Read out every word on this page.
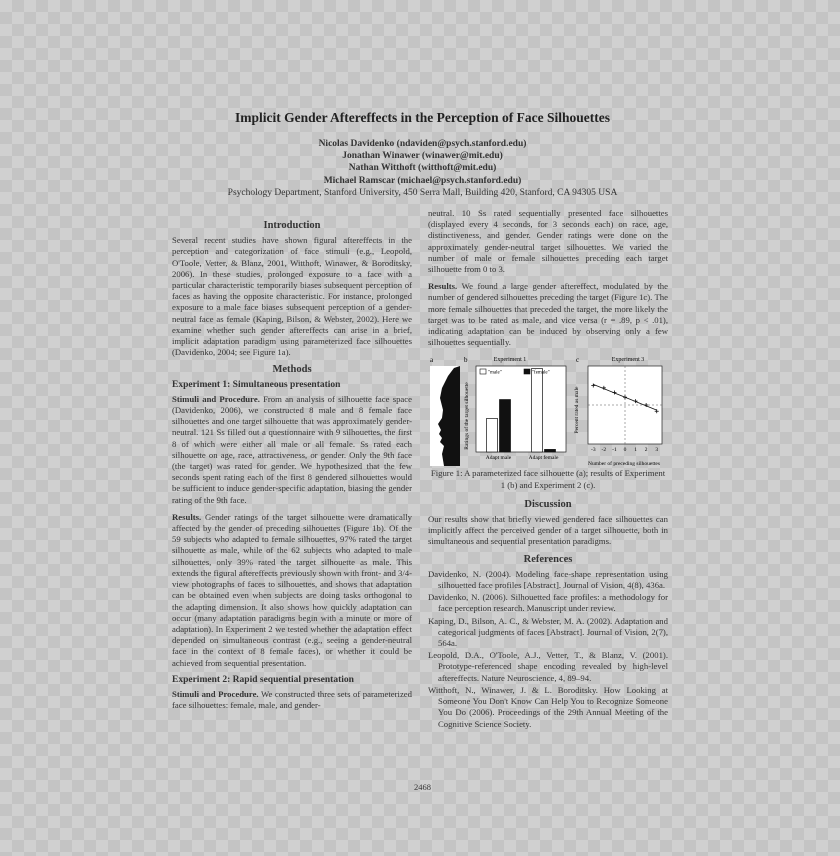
Implicit Gender Aftereffects in the Perception of Face Silhouettes
Nicolas Davidenko (ndaviden@psych.stanford.edu)
Jonathan Winawer (winawer@mit.edu)
Nathan Witthoft (witthoft@mit.edu)
Michael Ramscar (michael@psych.stanford.edu)
Psychology Department, Stanford University, 450 Serra Mall, Building 420, Stanford, CA 94305 USA
Introduction

Several recent studies have shown figural aftereffects in the perception and categorization of face stimuli (e.g., Leopold, O'Toole, Vetter, & Blanz, 2001, Witthoft, Winawer, & Boroditsky, 2006). In these studies, prolonged exposure to a face with a particular characteristic temporarily biases subsequent perception of faces as having the opposite characteristic. For instance, prolonged exposure to a male face biases subsequent perception of a gender-neutral face as female (Kaping, Bilson, & Webster, 2002). Here we examine whether such gender aftereffects can arise in a brief, implicit adaptation paradigm using parameterized face silhouettes (Davidenko, 2004; see Figure 1a).

Methods
Experiment 1: Simultaneous presentation

Stimuli and Procedure. From an analysis of silhouette face space (Davidenko, 2006), we constructed 8 male and 8 female face silhouettes and one target silhouette that was approximately gender-neutral. 121 Ss filled out a questionnaire with 9 silhouettes, the first 8 of which were either all male or all female. Ss rated each silhouette on age, race, attractiveness, or gender. Only the 9th face (the target) was rated for gender. We hypothesized that the few seconds spent rating each of the first 8 gendered silhouettes would be sufficient to induce gender-specific adaptation, biasing the gender rating of the 9th face.

Results. Gender ratings of the target silhouette were dramatically affected by the gender of preceding silhouettes (Figure 1b). Of the 59 subjects who adapted to female silhouettes, 97% rated the target silhouette as male, while of the 62 subjects who adapted to male silhouettes, only 39% rated the target silhouette as male. This extends the figural aftereffects previously shown with front- and 3/4-view photographs of faces to silhouettes, and shows that adaptation can be obtained even when subjects are doing tasks orthogonal to the adapting dimension. It also shows how quickly adaptation can occur (many adaptation paradigms begin with a minute or more of adaptation). In Experiment 2 we tested whether the adaptation effect depended on simultaneous contrast (e.g., seeing a gender-neutral face in the context of 8 female faces), or whether it could be achieved from sequential presentation.

Experiment 2: Rapid sequential presentation

Stimuli and Procedure. We constructed three sets of parameterized face silhouettes: female, male, and gender-

neutral. 10 Ss rated sequentially presented face silhouettes (displayed every 4 seconds, for 3 seconds each) on race, age, distinctiveness, and gender. Gender ratings were done on the approximately gender-neutral target silhouettes. We varied the number of male or female silhouettes preceding each target silhouette from 0 to 3.

Results. We found a large gender aftereffect, modulated by the number of gendered silhouettes preceding the target (Figure 1c). The more female silhouettes that preceded the target, the more likely the target was to be rated as male, and vice versa (r = .89, p < .01), indicating adaptation can be induced by observing only a few silhouettes sequentially.

a	b
Ratings of the target silhouette
Experiment 1
Adapt male	Adapt female
"male"	"female"
c
Percent rated as male
Experiment 3
Number of preceding silhouettes
-3 -2 -1 0 1 2 3
Figure 1: A parameterized face silhouette (a); results of Experiment 1 (b) and Experiment 2 (c).
Discussion

Our results show that briefly viewed gendered face silhouettes can implicitly affect the perceived gender of a target silhouette, both in simultaneous and sequential presentation paradigms.

References

Davidenko, N. (2004). Modeling face-shape representation using silhouetted face profiles [Abstract]. Journal of Vision, 4(8), 436a.

Davidenko, N. (2006). Silhouetted face profiles: a methodology for face perception research. Manuscript under review.

Kaping, D., Bilson, A. C., & Webster, M. A. (2002). Adaptation and categorical judgments of faces [Abstract]. Journal of Vision, 2(7), 564a.

Leopold, D.A., O'Toole, A.J., Vetter, T., & Blanz, V. (2001). Prototype-referenced shape encoding revealed by high-level aftereffects. Nature Neuroscience, 4, 89–94.

Witthoft, N., Winawer, J. & L. Boroditsky. How Looking at Someone You Don't Know Can Help You to Recognize Someone You Do (2006). Proceedings of the 29th Annual Meeting of the Cognitive Science Society.

2468
